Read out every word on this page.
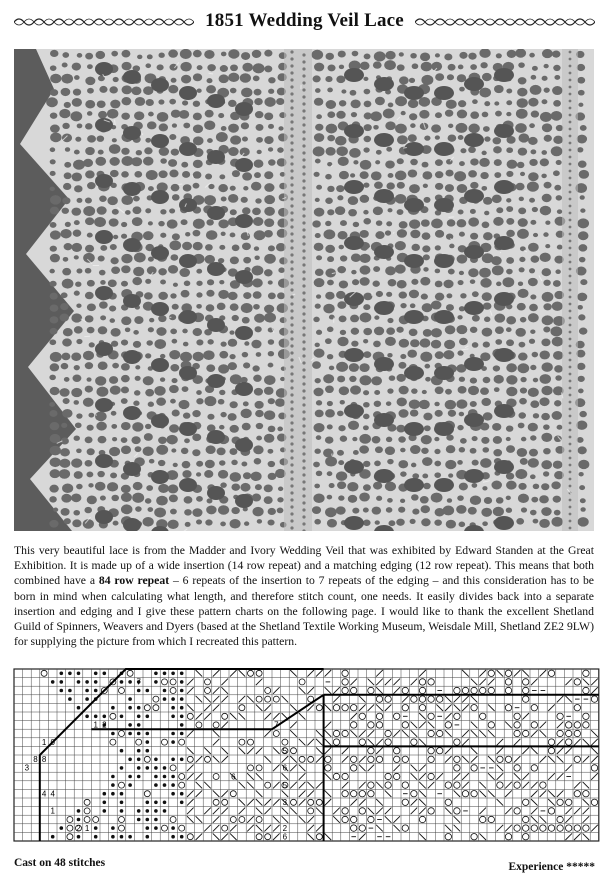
1851 Wedding Veil Lace
This very beautiful lace is from the Madder and Ivory Wedding Veil that was exhibited by Edward Standen at the Great Exhibition. It is made up of a wide insertion (14 row repeat) and a matching edging (12 row repeat). This means that both combined have a 84 row repeat – 6 repeats of the insertion to 7 repeats of the edging – and this consideration has to be born in mind when calculating what length, and therefore stitch count, one needs. It easily divides back into a separate insertion and edging and I give these pattern charts on the following page. I would like to thank the excellent Shetland Guild of Spinners, Weavers and Dyers (based at the Shetland Textile Working Museum, Weisdale Mill, Shetland ZE2 9LW) for supplying the picture from which I recreated this pattern.
7
1 2	7
1 0
5
8 8
3	6
6
5
4 4
3
1
2 1	2
6
Cast on 48 stitches	Experience *****
